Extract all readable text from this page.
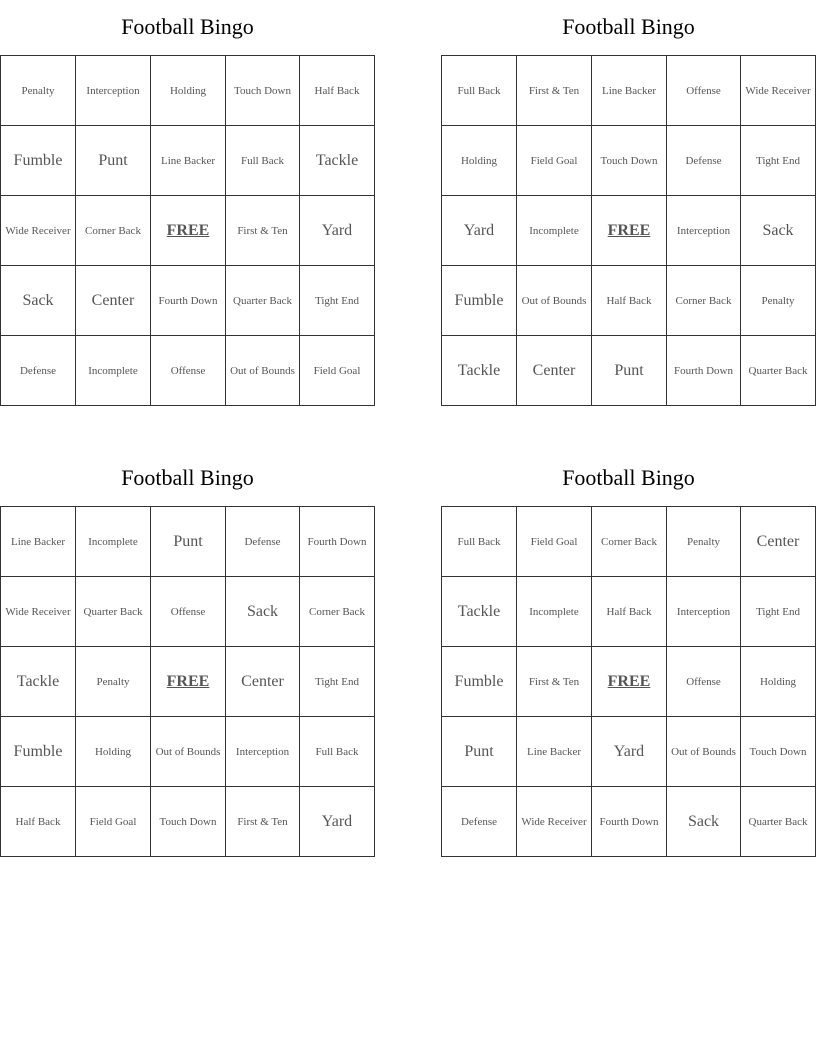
Football Bingo
Penalty	Interception	Holding	Touch Down	Half Back
Fumble	Punt	Line Backer	Full Back	Tackle
Wide Receiver	Corner Back	FREE	First & Ten	Yard
Sack	Center	Fourth Down	Quarter Back	Tight End
Defense	Incomplete	Offense	Out of Bounds	Field Goal
Football Bingo
Full Back	First & Ten	Line Backer	Offense	Wide Receiver
Holding	Field Goal	Touch Down	Defense	Tight End
Yard	Incomplete	FREE	Interception	Sack
Fumble	Out of Bounds	Half Back	Corner Back	Penalty
Tackle	Center	Punt	Fourth Down	Quarter Back
Football Bingo
Line Backer	Incomplete	Punt	Defense	Fourth Down
Wide Receiver	Quarter Back	Offense	Sack	Corner Back
Tackle	Penalty	FREE	Center	Tight End
Fumble	Holding	Out of Bounds	Interception	Full Back
Half Back	Field Goal	Touch Down	First & Ten	Yard
Football Bingo
Full Back	Field Goal	Corner Back	Penalty	Center
Tackle	Incomplete	Half Back	Interception	Tight End
Fumble	First & Ten	FREE	Offense	Holding
Punt	Line Backer	Yard	Out of Bounds	Touch Down
Defense	Wide Receiver	Fourth Down	Sack	Quarter Back
